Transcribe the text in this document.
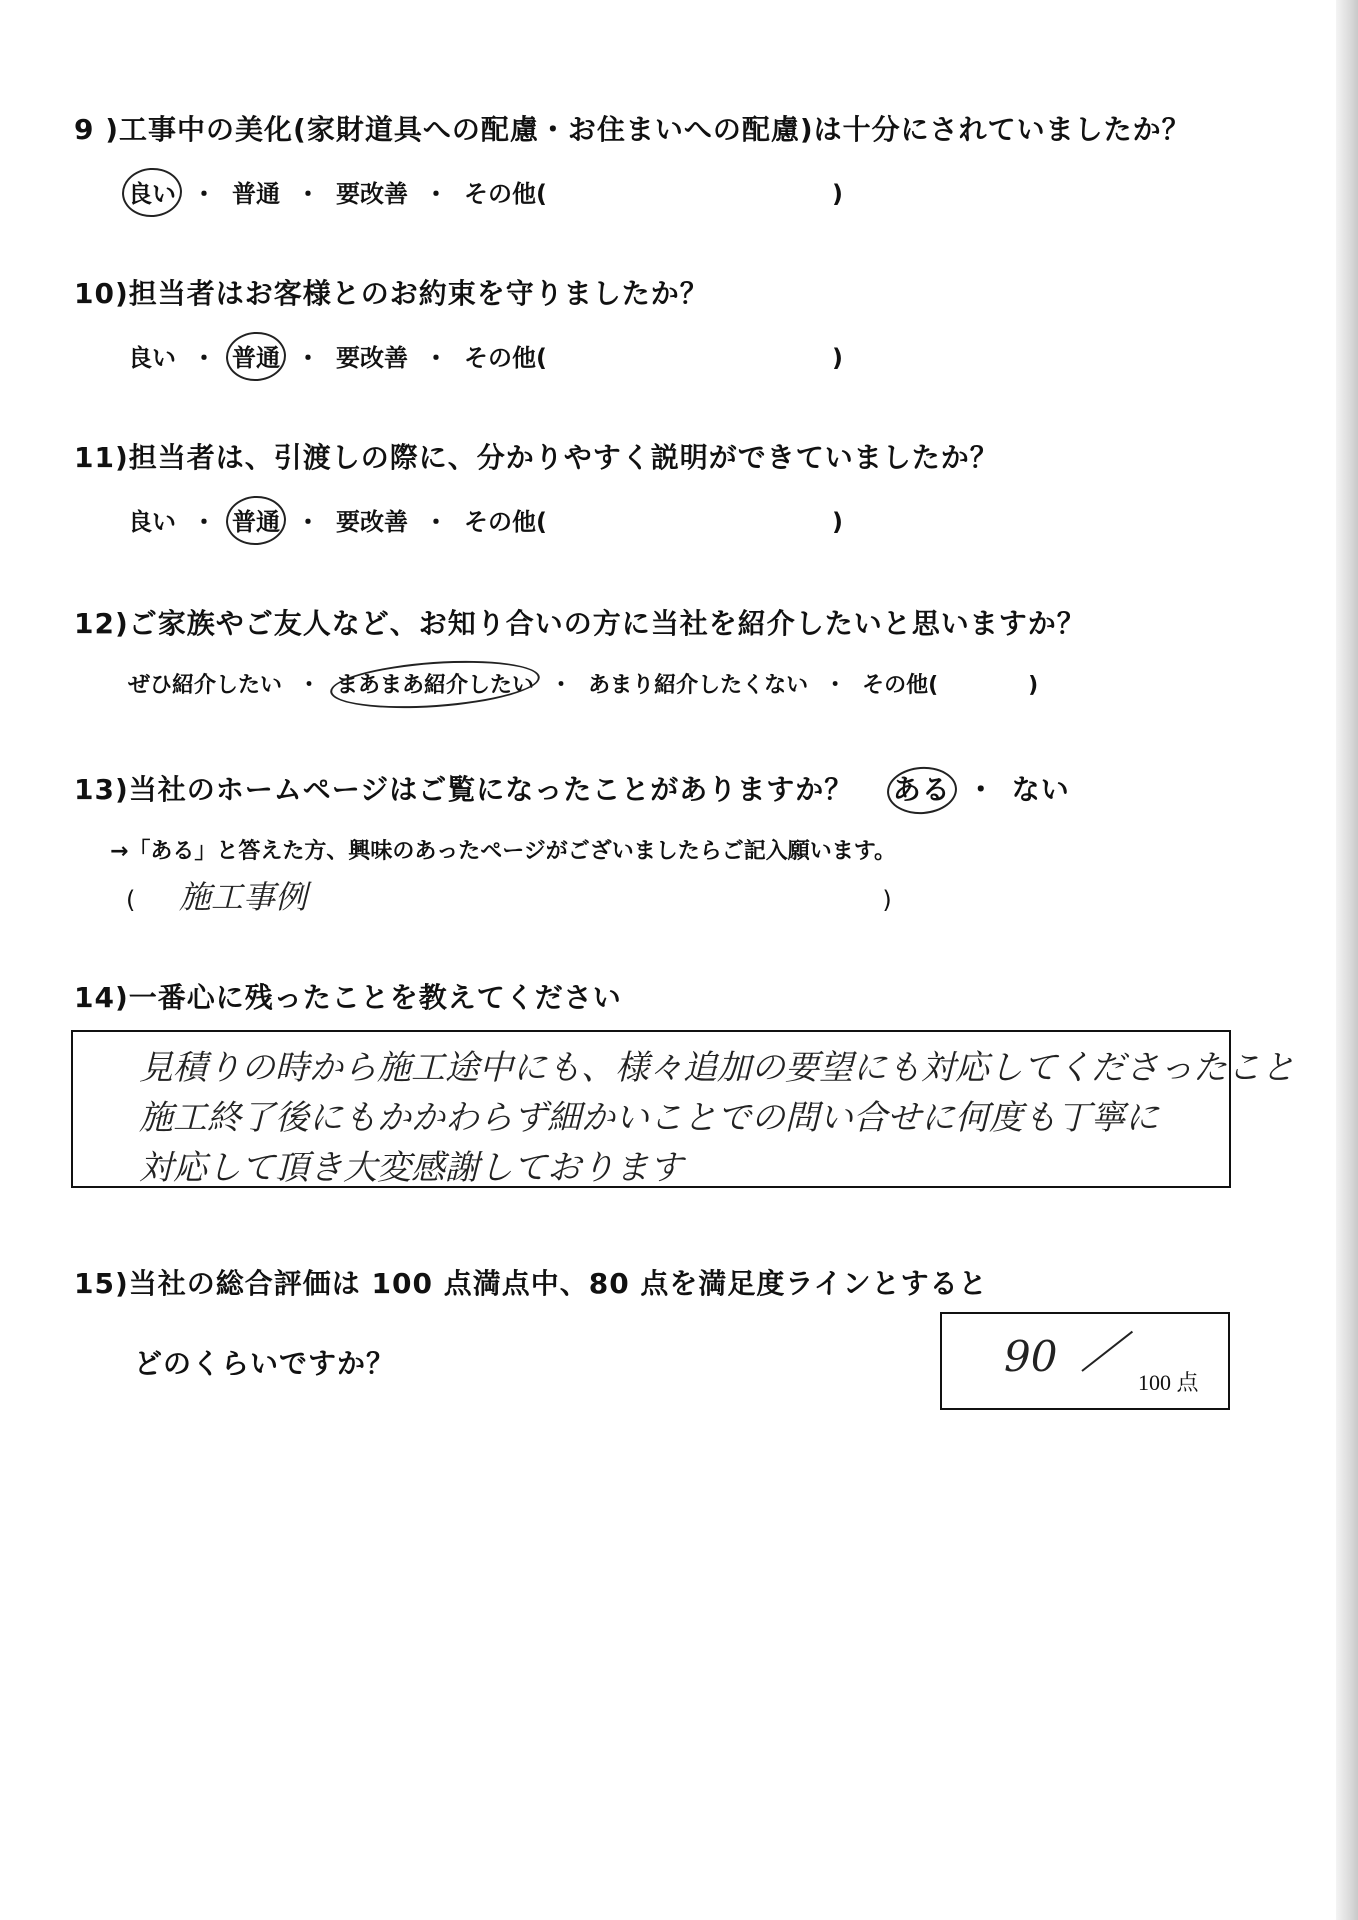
9 )工事中の美化(家財道具への配慮・お住まいへの配慮)は十分にされていましたか？
良い ・ 普通 ・ 要改善 ・ その他(	)
10)担当者はお客様とのお約束を守りましたか？
良い ・ 普通 ・ 要改善 ・ その他(	)
11)担当者は、引渡しの際に、分かりやすく説明ができていましたか？
良い ・ 普通 ・ 要改善 ・ その他(	)
12)ご家族やご友人など、お知り合いの方に当社を紹介したいと思いますか？
ぜひ紹介したい ・ まあまあ紹介したい ・ あまり紹介したくない ・ その他(	)
13)当社のホームページはご覧になったことがありますか？ ある ・ ない
→「ある」と答えた方、興味のあったページがございましたらご記入願います。
( 施工事例	)
14)一番心に残ったことを教えてください
見積りの時から施工途中にも、様々追加の要望にも対応してくださったこと
施工終了後にもかかわらず細かいことでの問い合せに何度も丁寧に
対応して頂き大変感謝しております
15)当社の総合評価は 100 点満点中、80 点を満足度ラインとすると
どのくらいですか？	90
100 点
